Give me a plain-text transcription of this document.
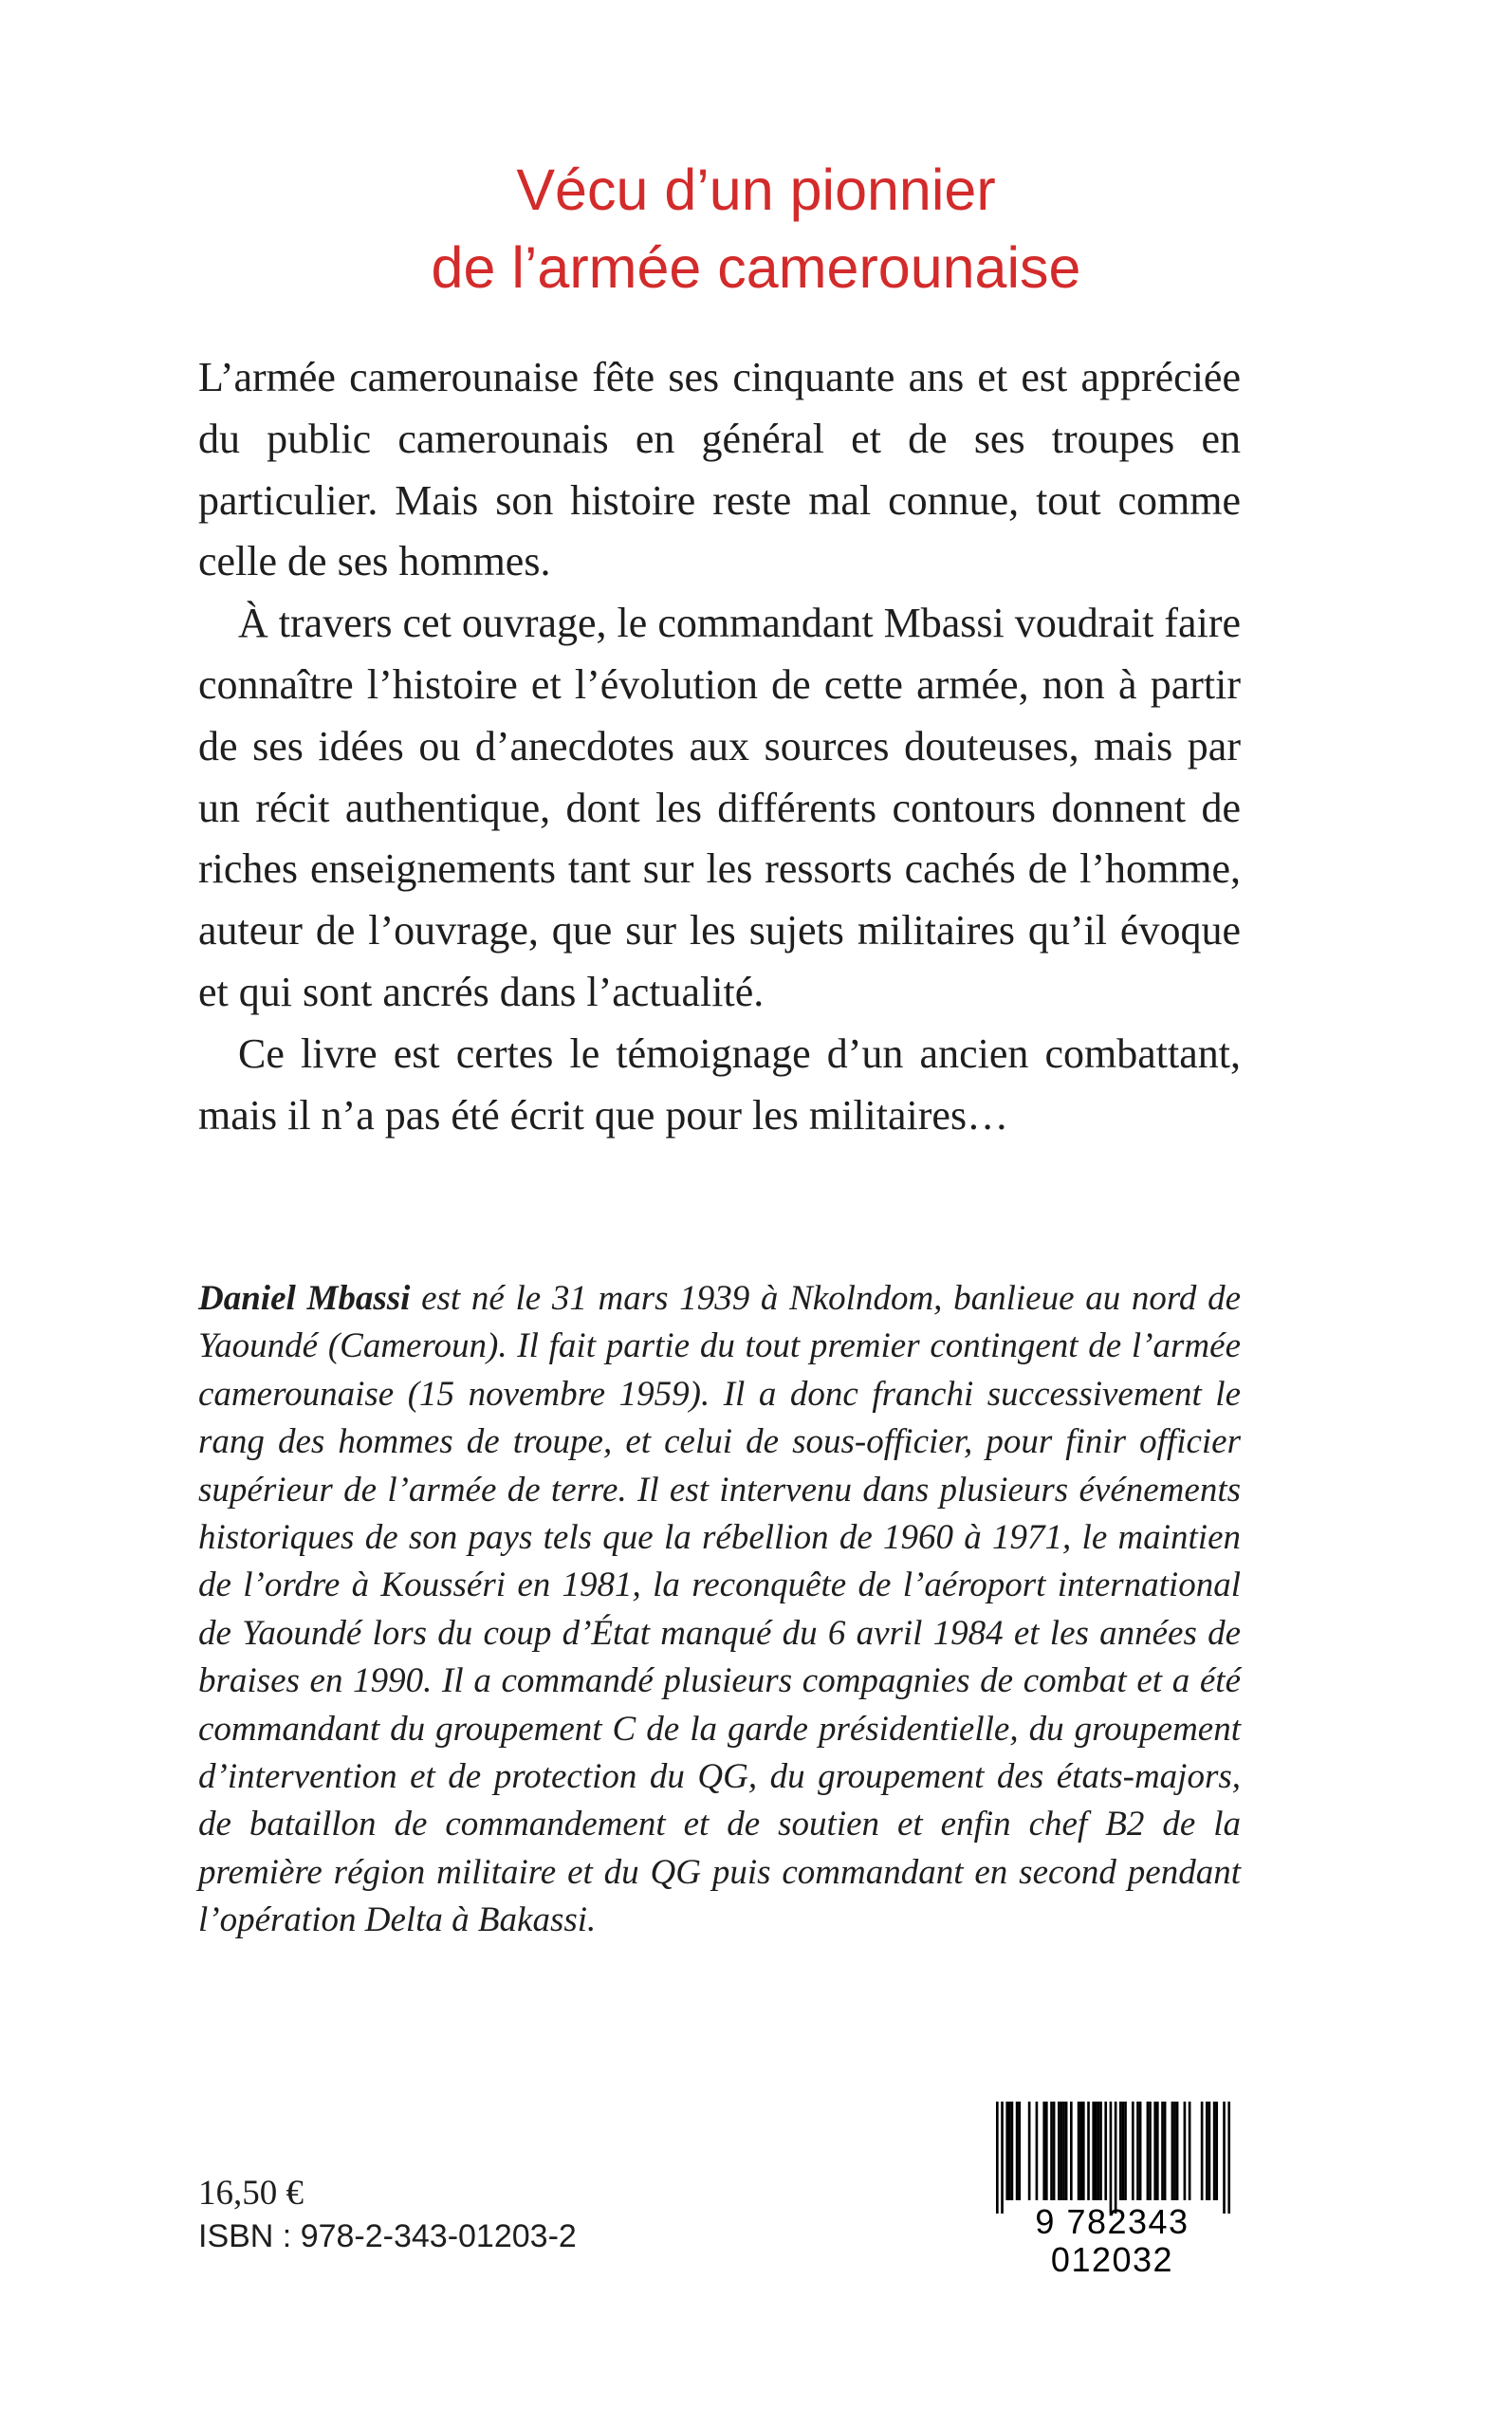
Vécu d’un pionnier
de l’armée camerounaise

L’armée camerounaise fête ses cinquante ans et est appréciée du public camerounais en général et de ses troupes en particulier. Mais son histoire reste mal connue, tout comme celle de ses hommes.

À travers cet ouvrage, le commandant Mbassi voudrait faire connaître l’histoire et l’évolution de cette armée, non à partir de ses idées ou d’anecdotes aux sources douteuses, mais par un récit authentique, dont les différents contours donnent de riches enseignements tant sur les ressorts cachés de l’homme, auteur de l’ouvrage, que sur les sujets militaires qu’il évoque et qui sont ancrés dans l’actualité.

Ce livre est certes le témoignage d’un ancien combattant, mais il n’a pas été écrit que pour les militaires…

Daniel Mbassi est né le 31 mars 1939 à Nkolndom, banlieue au nord de Yaoundé (Cameroun). Il fait partie du tout premier contingent de l’armée camerounaise (15 novembre 1959). Il a donc franchi successivement le rang des hommes de troupe, et celui de sous-officier, pour finir officier supérieur de l’armée de terre. Il est intervenu dans plusieurs événements historiques de son pays tels que la rébellion de 1960 à 1971, le maintien de l’ordre à Kousséri en 1981, la reconquête de l’aéroport international de Yaoundé lors du coup d’État manqué du 6 avril 1984 et les années de braises en 1990. Il a commandé plusieurs compagnies de combat et a été commandant du groupement C de la garde présidentielle, du groupement d’intervention et de protection du QG, du groupement des états-majors, de bataillon de commandement et de soutien et enfin chef B2 de la première région militaire et du QG puis commandant en second pendant l’opération Delta à Bakassi.
16,50 €
ISBN : 978-2-343-01203-2	9 782343 012032
